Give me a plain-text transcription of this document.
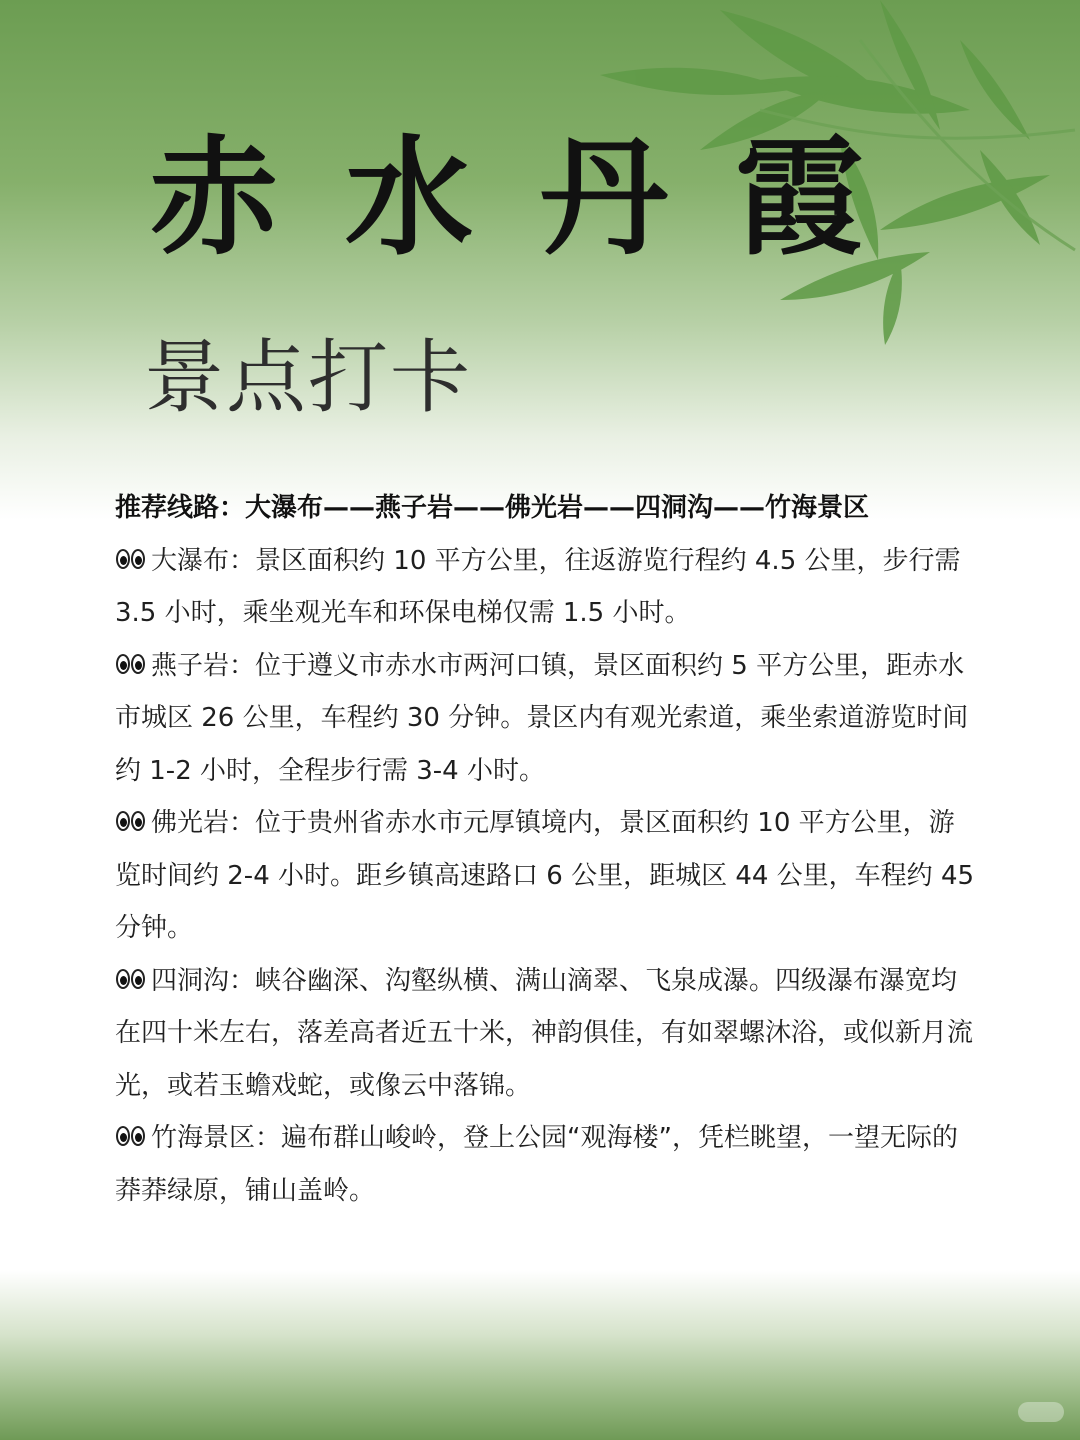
赤 水 丹 霞
景点打卡
推荐线路：大瀑布——燕子岩——佛光岩——四洞沟——竹海景区
大瀑布：景区面积约 10 平方公里，往返游览行程约 4.5 公里，步行需 3.5 小时，乘坐观光车和环保电梯仅需 1.5 小时。
燕子岩：位于遵义市赤水市两河口镇，景区面积约 5 平方公里，距赤水市城区 26 公里，车程约 30 分钟。景区内有观光索道，乘坐索道游览时间约 1-2 小时，全程步行需 3-4 小时。
佛光岩：位于贵州省赤水市元厚镇境内，景区面积约 10 平方公里，游览时间约 2-4 小时。距乡镇高速路口 6 公里，距城区 44 公里，车程约 45 分钟。
四洞沟：峡谷幽深、沟壑纵横、满山滴翠、飞泉成瀑。四级瀑布瀑宽均在四十米左右，落差高者近五十米，神韵俱佳，有如翠螺沐浴，或似新月流光，或若玉蟾戏蛇，或像云中落锦。
竹海景区：遍布群山峻岭，登上公园“观海楼”，凭栏眺望，一望无际的莽莽绿原，铺山盖岭。
